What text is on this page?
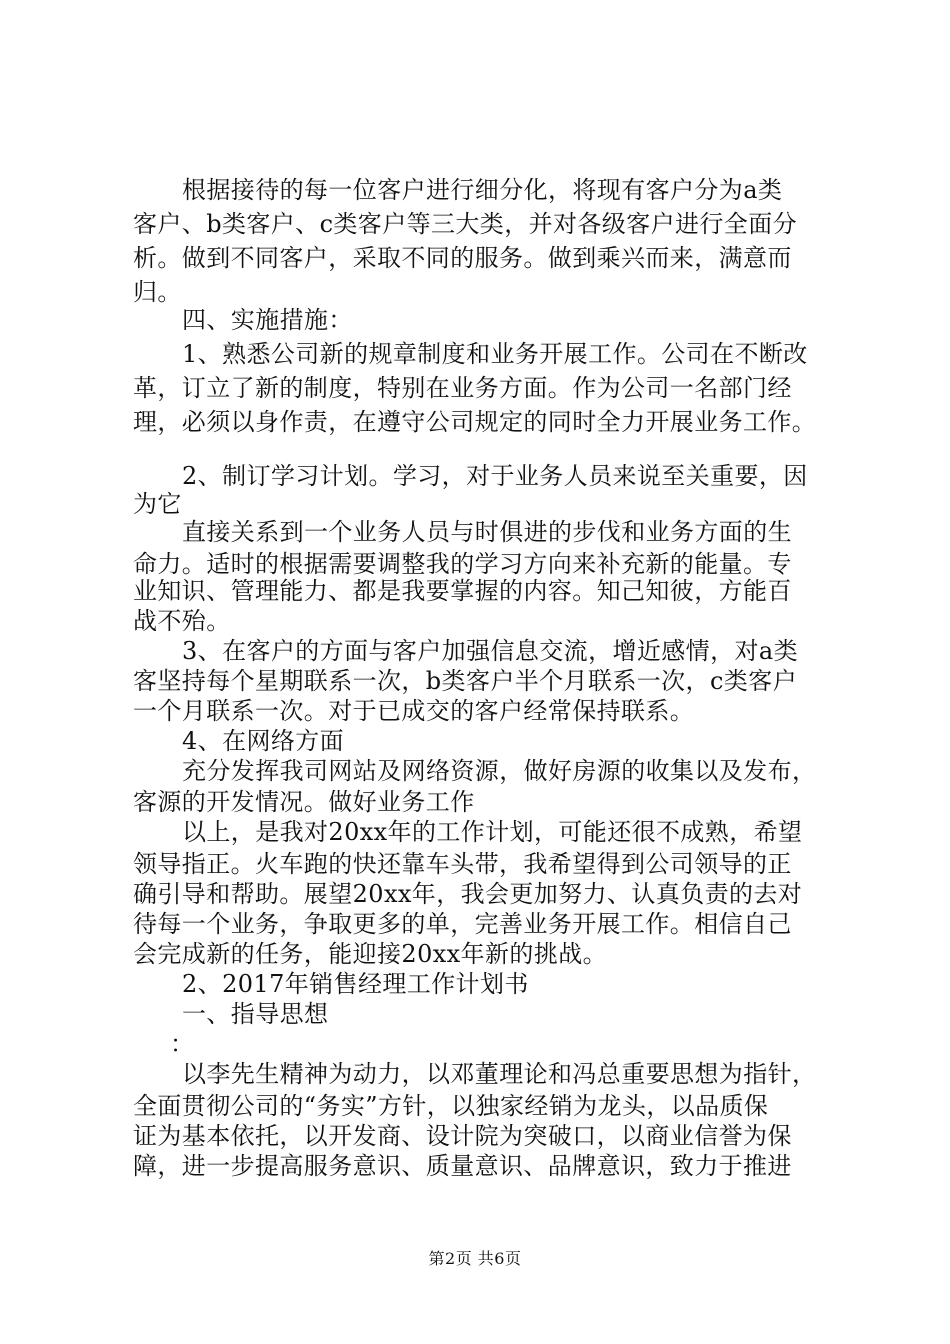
根据接待的每一位客户进行细分化，将现有客户分为a类
客户、b类客户、c类客户等三大类，并对各级客户进行全面分
析。做到不同客户，采取不同的服务。做到乘兴而来，满意而
归。
四、实施措施：
1、熟悉公司新的规章制度和业务开展工作。公司在不断改
革，订立了新的制度，特别在业务方面。作为公司一名部门经
理，必须以身作责，在遵守公司规定的同时全力开展业务工作。
2、制订学习计划。学习，对于业务人员来说至关重要，因
为它
直接关系到一个业务人员与时俱进的步伐和业务方面的生
命力。适时的根据需要调整我的学习方向来补充新的能量。专
业知识、管理能力、都是我要掌握的内容。知己知彼，方能百
战不殆。
3、在客户的方面与客户加强信息交流，增近感情，对a类
客坚持每个星期联系一次，b类客户半个月联系一次，c类客户
一个月联系一次。对于已成交的客户经常保持联系。
4、在网络方面
充分发挥我司网站及网络资源，做好房源的收集以及发布，
客源的开发情况。做好业务工作
以上，是我对20xx年的工作计划，可能还很不成熟，希望
领导指正。火车跑的快还靠车头带，我希望得到公司领导的正
确引导和帮助。展望20xx年，我会更加努力、认真负责的去对
待每一个业务，争取更多的单，完善业务开展工作。相信自己
会完成新的任务，能迎接20xx年新的挑战。
2、2017年销售经理工作计划书
一、指导思想
：
以李先生精神为动力，以邓董理论和冯总重要思想为指针，
全面贯彻公司的“务实”方针，以独家经销为龙头，以品质保
证为基本依托，以开发商、设计院为突破口，以商业信誉为保
障，进一步提高服务意识、质量意识、品牌意识，致力于推进
第2页 共6页
